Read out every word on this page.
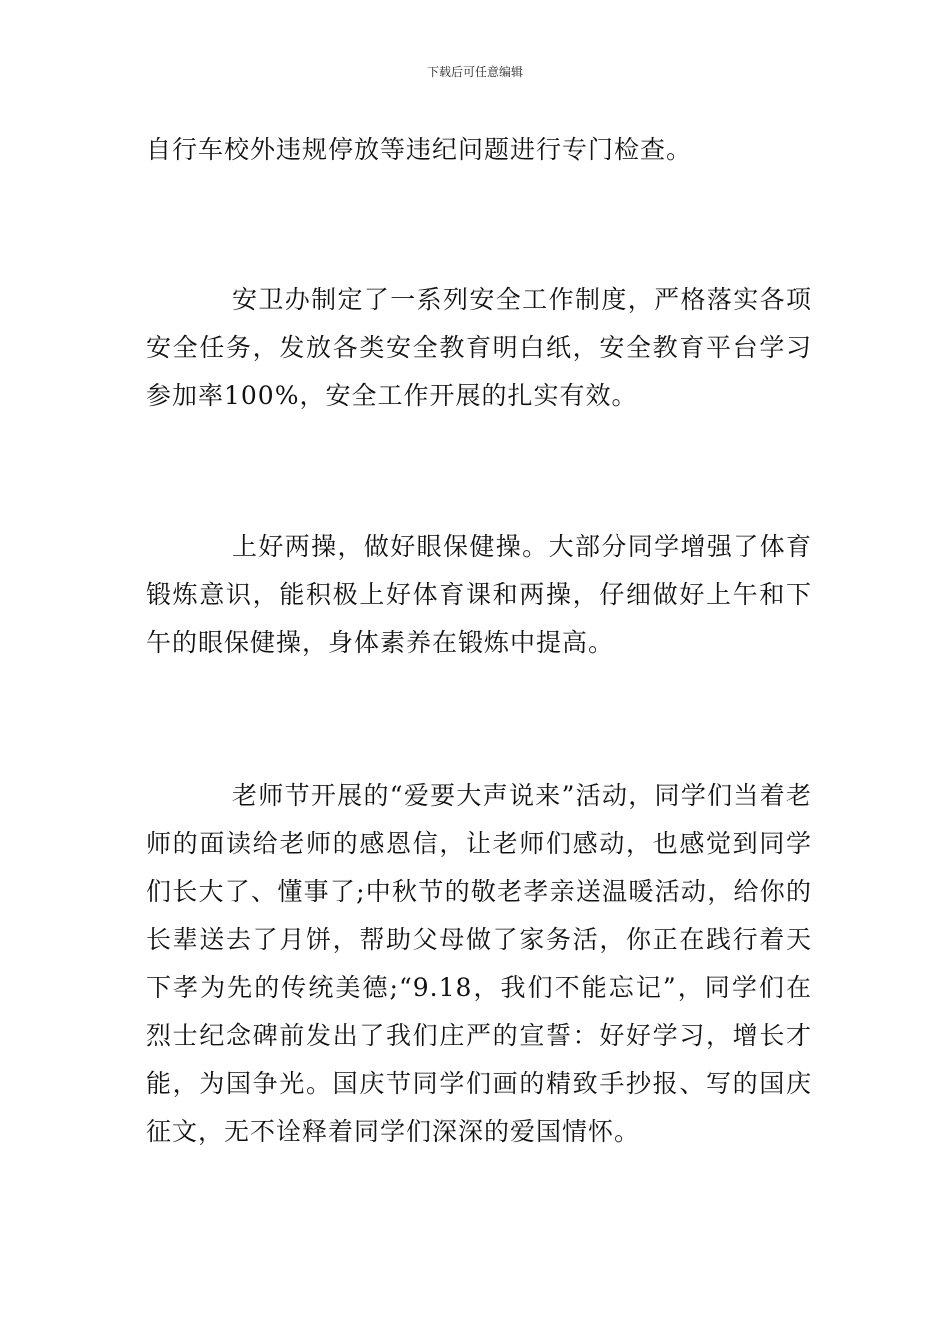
下载后可任意编辑

自行车校外违规停放等违纪问题进行专门检查。

安卫办制定了一系列安全工作制度，严格落实各项安全任务，发放各类安全教育明白纸，安全教育平台学习参加率100%，安全工作开展的扎实有效。

上好两操，做好眼保健操。大部分同学增强了体育锻炼意识，能积极上好体育课和两操，仔细做好上午和下午的眼保健操，身体素养在锻炼中提高。

老师节开展的“爱要大声说来”活动，同学们当着老师的面读给老师的感恩信，让老师们感动，也感觉到同学们长大了、懂事了;中秋节的敬老孝亲送温暖活动，给你的长辈送去了月饼，帮助父母做了家务活，你正在践行着天下孝为先的传统美德;“9.18，我们不能忘记”，同学们在烈士纪念碑前发出了我们庄严的宣誓：好好学习，增长才能，为国争光。国庆节同学们画的精致手抄报、写的国庆征文，无不诠释着同学们深深的爱国情怀。
